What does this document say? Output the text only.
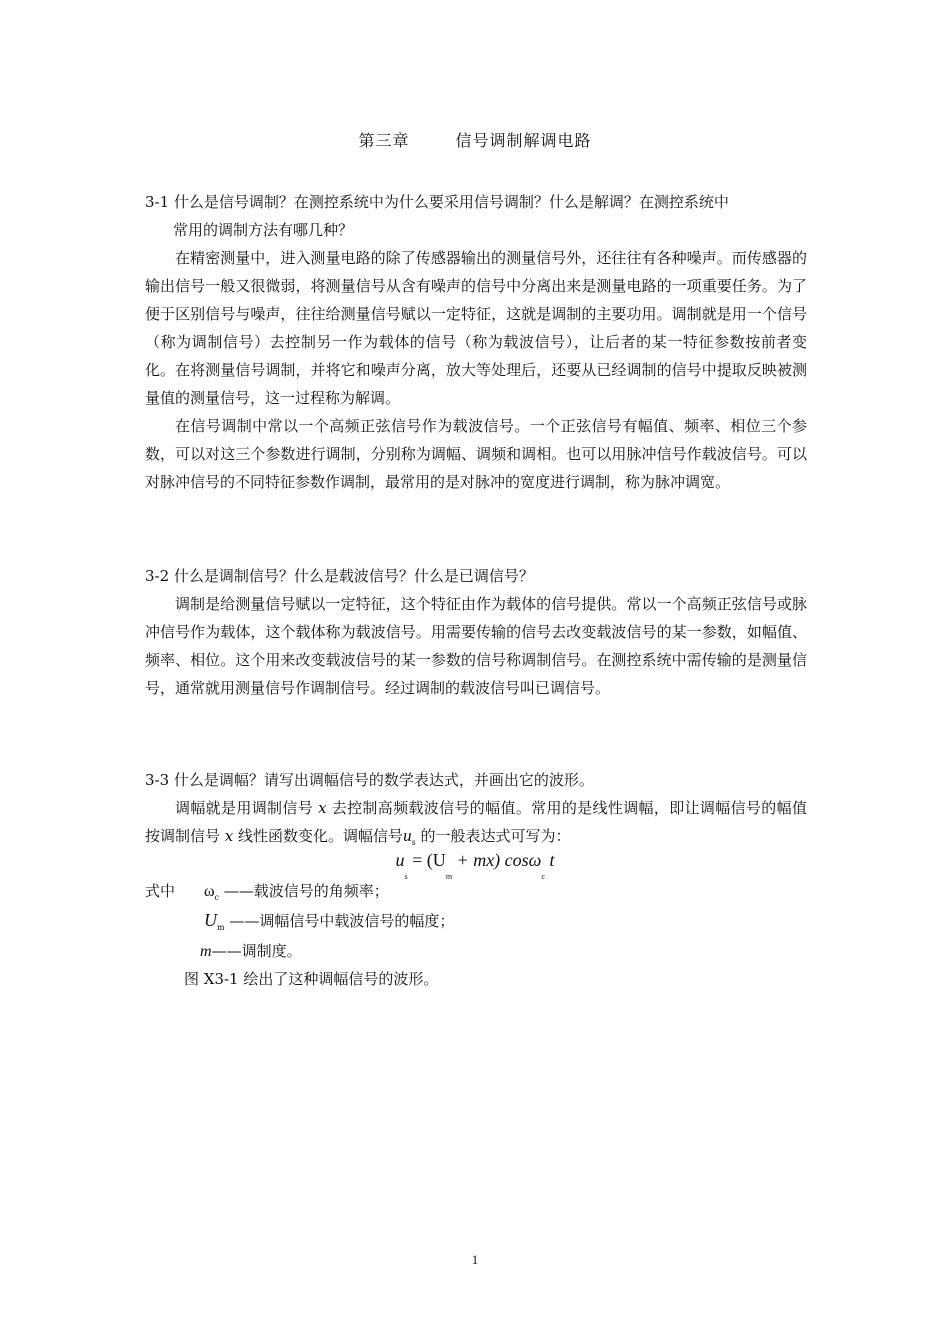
第三章	信号调制解调电路
3-1 什么是信号调制？在测控系统中为什么要采用信号调制？什么是解调？在测控系统中
常用的调制方法有哪几种？
在精密测量中，进入测量电路的除了传感器输出的测量信号外，还往往有各种噪声。而传感器的输出信号一般又很微弱，将测量信号从含有噪声的信号中分离出来是测量电路的一项重要任务。为了便于区别信号与噪声，往往给测量信号赋以一定特征，这就是调制的主要功用。调制就是用一个信号（称为调制信号）去控制另一作为载体的信号（称为载波信号），让后者的某一特征参数按前者变化。在将测量信号调制，并将它和噪声分离，放大等处理后，还要从已经调制的信号中提取反映被测量值的测量信号，这一过程称为解调。
在信号调制中常以一个高频正弦信号作为载波信号。一个正弦信号有幅值、频率、相位三个参数，可以对这三个参数进行调制，分别称为调幅、调频和调相。也可以用脉冲信号作载波信号。可以对脉冲信号的不同特征参数作调制，最常用的是对脉冲的宽度进行调制，称为脉冲调宽。
3-2 什么是调制信号？什么是载波信号？什么是已调信号？
调制是给测量信号赋以一定特征，这个特征由作为载体的信号提供。常以一个高频正弦信号或脉冲信号作为载体，这个载体称为载波信号。用需要传输的信号去改变载波信号的某一参数，如幅值、频率、相位。这个用来改变载波信号的某一参数的信号称调制信号。在测控系统中需传输的是测量信号，通常就用测量信号作调制信号。经过调制的载波信号叫已调信号。
3-3 什么是调幅？请写出调幅信号的数学表达式，并画出它的波形。
调幅就是用调制信号 x 去控制高频载波信号的幅值。常用的是线性调幅，即让调幅信号的幅值按调制信号 x 线性函数变化。调幅信号$u_s$ 的一般表达式可写为：
$u_s = (U_m + mx)$ cosω$_c$ t
式中 $\omega_c$ ——载波信号的角频率；
$U_m$ ——调幅信号中载波信号的幅度；
m——调制度。
图 X3-1 绘出了这种调幅信号的波形。
1
